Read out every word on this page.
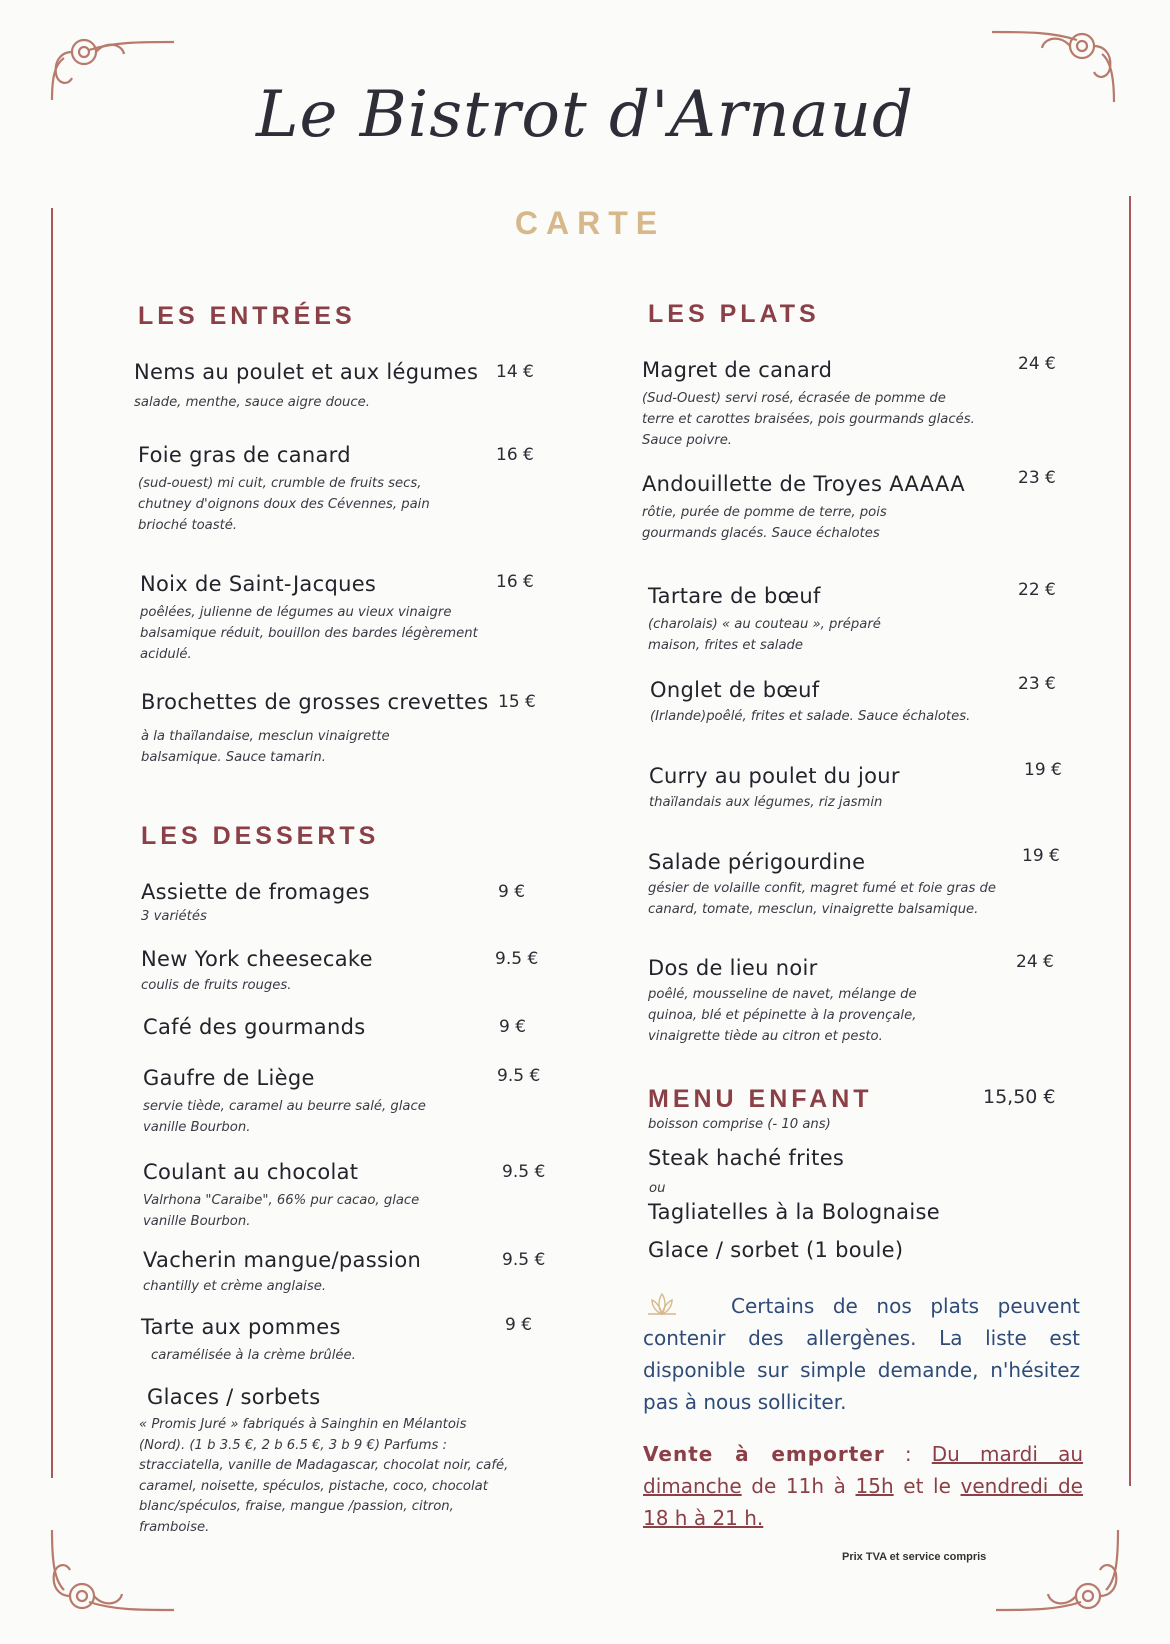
Le Bistrot d'Arnaud
CARTE
LES ENTRÉES
Nems au poulet et aux légumes	14 €
salade, menthe, sauce aigre douce.
Foie gras de canard	16 €
(sud-ouest) mi cuit, crumble de fruits secs, chutney d'oignons doux des Cévennes, pain brioché toasté.
Noix de Saint-Jacques	16 €
poêlées, julienne de légumes au vieux vinaigre balsamique réduit, bouillon des bardes légèrement acidulé.
Brochettes de grosses crevettes 15 €
à la thaïlandaise, mesclun vinaigrette balsamique. Sauce tamarin.
LES DESSERTS
Assiette de fromages	9 €
3 variétés
New York cheesecake	9.5 €
coulis de fruits rouges.
Café des gourmands	9 €
Gaufre de Liège	9.5 €
servie tiède, caramel au beurre salé, glace vanille Bourbon.
Coulant au chocolat	9.5 €
Valrhona "Caraibe", 66% pur cacao, glace vanille Bourbon.
Vacherin mangue/passion	9.5 €
chantilly et crème anglaise.
Tarte aux pommes	9 €
caramélisée à la crème brûlée.
Glaces / sorbets
« Promis Juré » fabriqués à Sainghin en Mélantois (Nord). (1 b 3.5 €, 2 b 6.5 €, 3 b 9 €) Parfums : stracciatella, vanille de Madagascar, chocolat noir, café, caramel, noisette, spéculos, pistache, coco, chocolat blanc/spéculos, fraise, mangue /passion, citron, framboise.
LES PLATS
Magret de canard	24 €
(Sud-Ouest) servi rosé, écrasée de pomme de terre et carottes braisées, pois gourmands glacés. Sauce poivre.
Andouillette de Troyes AAAAA	23 €
rôtie, purée de pomme de terre, pois gourmands glacés. Sauce échalotes
Tartare de bœuf	22 €
(charolais) « au couteau », préparé maison, frites et salade
Onglet de bœuf	23 €
(Irlande)poêlé, frites et salade. Sauce échalotes.
Curry au poulet du jour	19 €
thaïlandais aux légumes, riz jasmin
Salade périgourdine	19 €
gésier de volaille confit, magret fumé et foie gras de canard, tomate, mesclun, vinaigrette balsamique.
Dos de lieu noir	24 €
poêlé, mousseline de navet, mélange de quinoa, blé et pépinette à la provençale, vinaigrette tiède au citron et pesto.
MENU ENFANT	15,50 €
boisson comprise (- 10 ans)
Steak haché frites
ou
Tagliatelles à la Bolognaise
Glace / sorbet (1 boule)
Certains de nos plats peuvent contenir des allergènes. La liste est disponible sur simple demande, n'hésitez pas à nous solliciter.
Vente à emporter : Du mardi au dimanche de 11h à 15h et le vendredi de 18 h à 21 h.
Prix TVA et service compris
